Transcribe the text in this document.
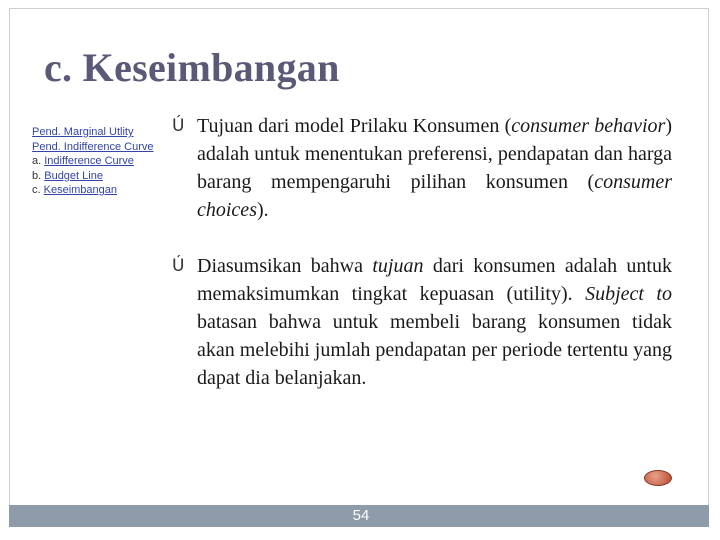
c. Keseimbangan
Pend. Marginal Utlity
Pend. Indifference Curve
a. Indifference Curve
b. Budget Line
c. Keseimbangan
Ú Tujuan dari model Prilaku Konsumen (consumer behavior) adalah untuk menentukan preferensi, pendapatan dan harga barang mempengaruhi pilihan konsumen (consumer choices).
Ú Diasumsikan bahwa tujuan dari konsumen adalah untuk memaksimumkan tingkat kepuasan (utility). Subject to batasan bahwa untuk membeli barang konsumen tidak akan melebihi jumlah pendapatan per periode tertentu yang dapat dia belanjakan.
54
